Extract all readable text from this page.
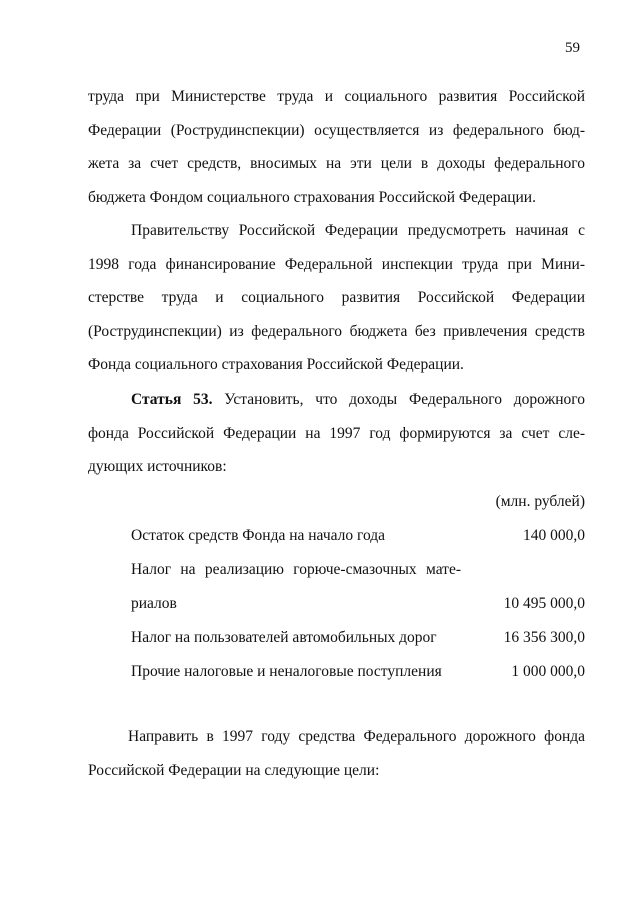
59
труда при Министерстве труда и социального развития Российской
Федерации (Рострудинспекции) осуществляется из федерального бюд-
жета за счет средств, вносимых на эти цели в доходы федерального
бюджета Фондом социального страхования Российской Федерации.
Правительству Российской Федерации предусмотреть начиная с
1998 года финансирование Федеральной инспекции труда при Мини-
стерстве труда и социального развития Российской Федерации
(Рострудинспекции) из федерального бюджета без привлечения средств
Фонда социального страхования Российской Федерации.
Статья 53. Установить, что доходы Федерального дорожного
фонда Российской Федерации на 1997 год формируются за счет сле-
дующих источников:
(млн. рублей)
Остаток средств Фонда на начало года	140 000,0
Налог на реализацию горюче-смазочных мате-
риалов	10 495 000,0
Налог на пользователей автомобильных дорог	16 356 300,0
Прочие налоговые и неналоговые поступления	1 000 000,0
Направить в 1997 году средства Федерального дорожного фонда
Российской Федерации на следующие цели:
